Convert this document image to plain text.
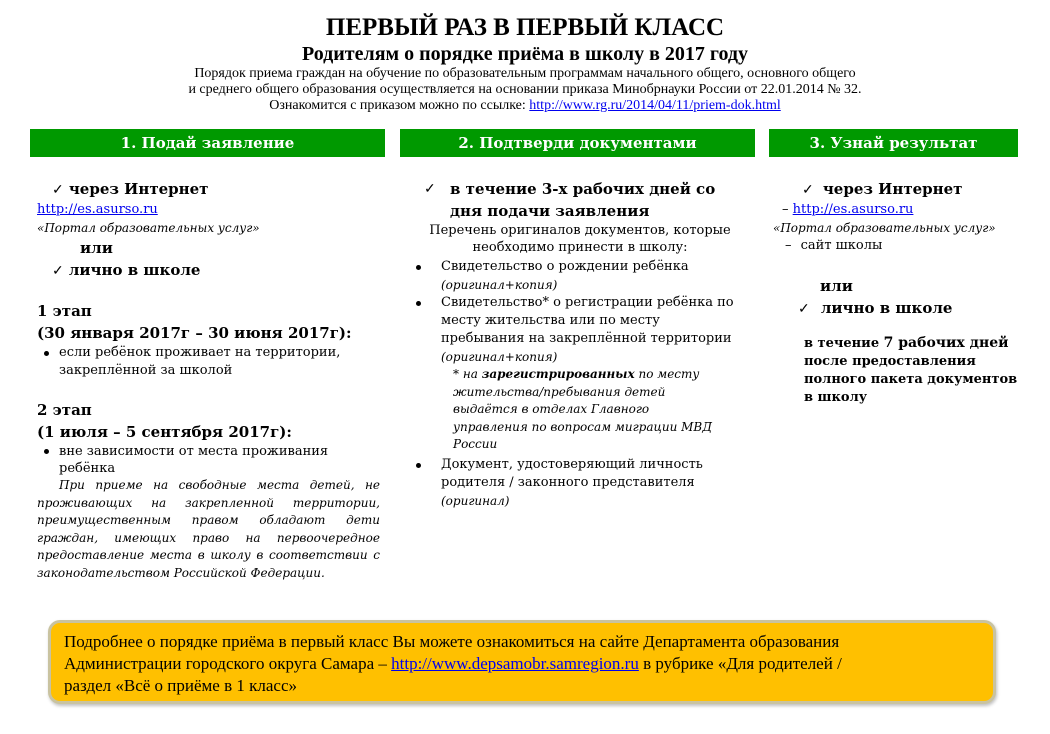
ПЕРВЫЙ РАЗ В ПЕРВЫЙ КЛАСС
Родителям о порядке приёма в школу в 2017 году
Порядок приема граждан на обучение по образовательным программам начального общего, основного общего
и среднего общего образования осуществляется на основании приказа Минобрнауки России от 22.01.2014 № 32.
Ознакомится с приказом можно по ссылке: http://www.rg.ru/2014/04/11/priem-dok.html
1. Подай заявление	2. Подтверди документами	3. Узнай результат
✓ через Интернет
http://es.asurso.ru
«Портал образовательных услуг»
или
✓ лично в школе
1 этап
(30 января 2017г – 30 июня 2017г):
если ребёнок проживает на территории,
закреплённой за школой
2 этап
(1 июля – 5 сентября 2017г):
вне зависимости от места проживания
ребёнка
При приеме на свободные места детей, не
проживающих на закрепленной территории,
преимущественным правом обладают дети
граждан, имеющих право на первоочередное
предоставление места в школу в соответствии с
законодательством Российской Федерации.
✓ в течение 3-х рабочих дней со
дня подачи заявления
Перечень оригиналов документов, которые
необходимо принести в школу:
Свидетельство о рождении ребёнка
(оригинал+копия)
Свидетельство* о регистрации ребёнка по
месту жительства или по месту
пребывания на закреплённой территории
(оригинал+копия)
* на зарегистрированных по месту
жительства/пребывания детей
выдаётся в отделах Главного
управления по вопросам миграции МВД
России
Документ, удостоверяющий личность
родителя / законного представителя
(оригинал)
✓ через Интернет
– http://es.asurso.ru
«Портал образовательных услуг»
– сайт школы
или
✓ лично в школе
в течение 7 рабочих дней
после предоставления
полного пакета документов
в школу
Подробнее о порядке приёма в первый класс Вы можете ознакомиться на сайте Департамента образования
Администрации городского округа Самара – http://www.depsamobr.samregion.ru в рубрике «Для родителей /
раздел «Всё о приёме в 1 класс»
